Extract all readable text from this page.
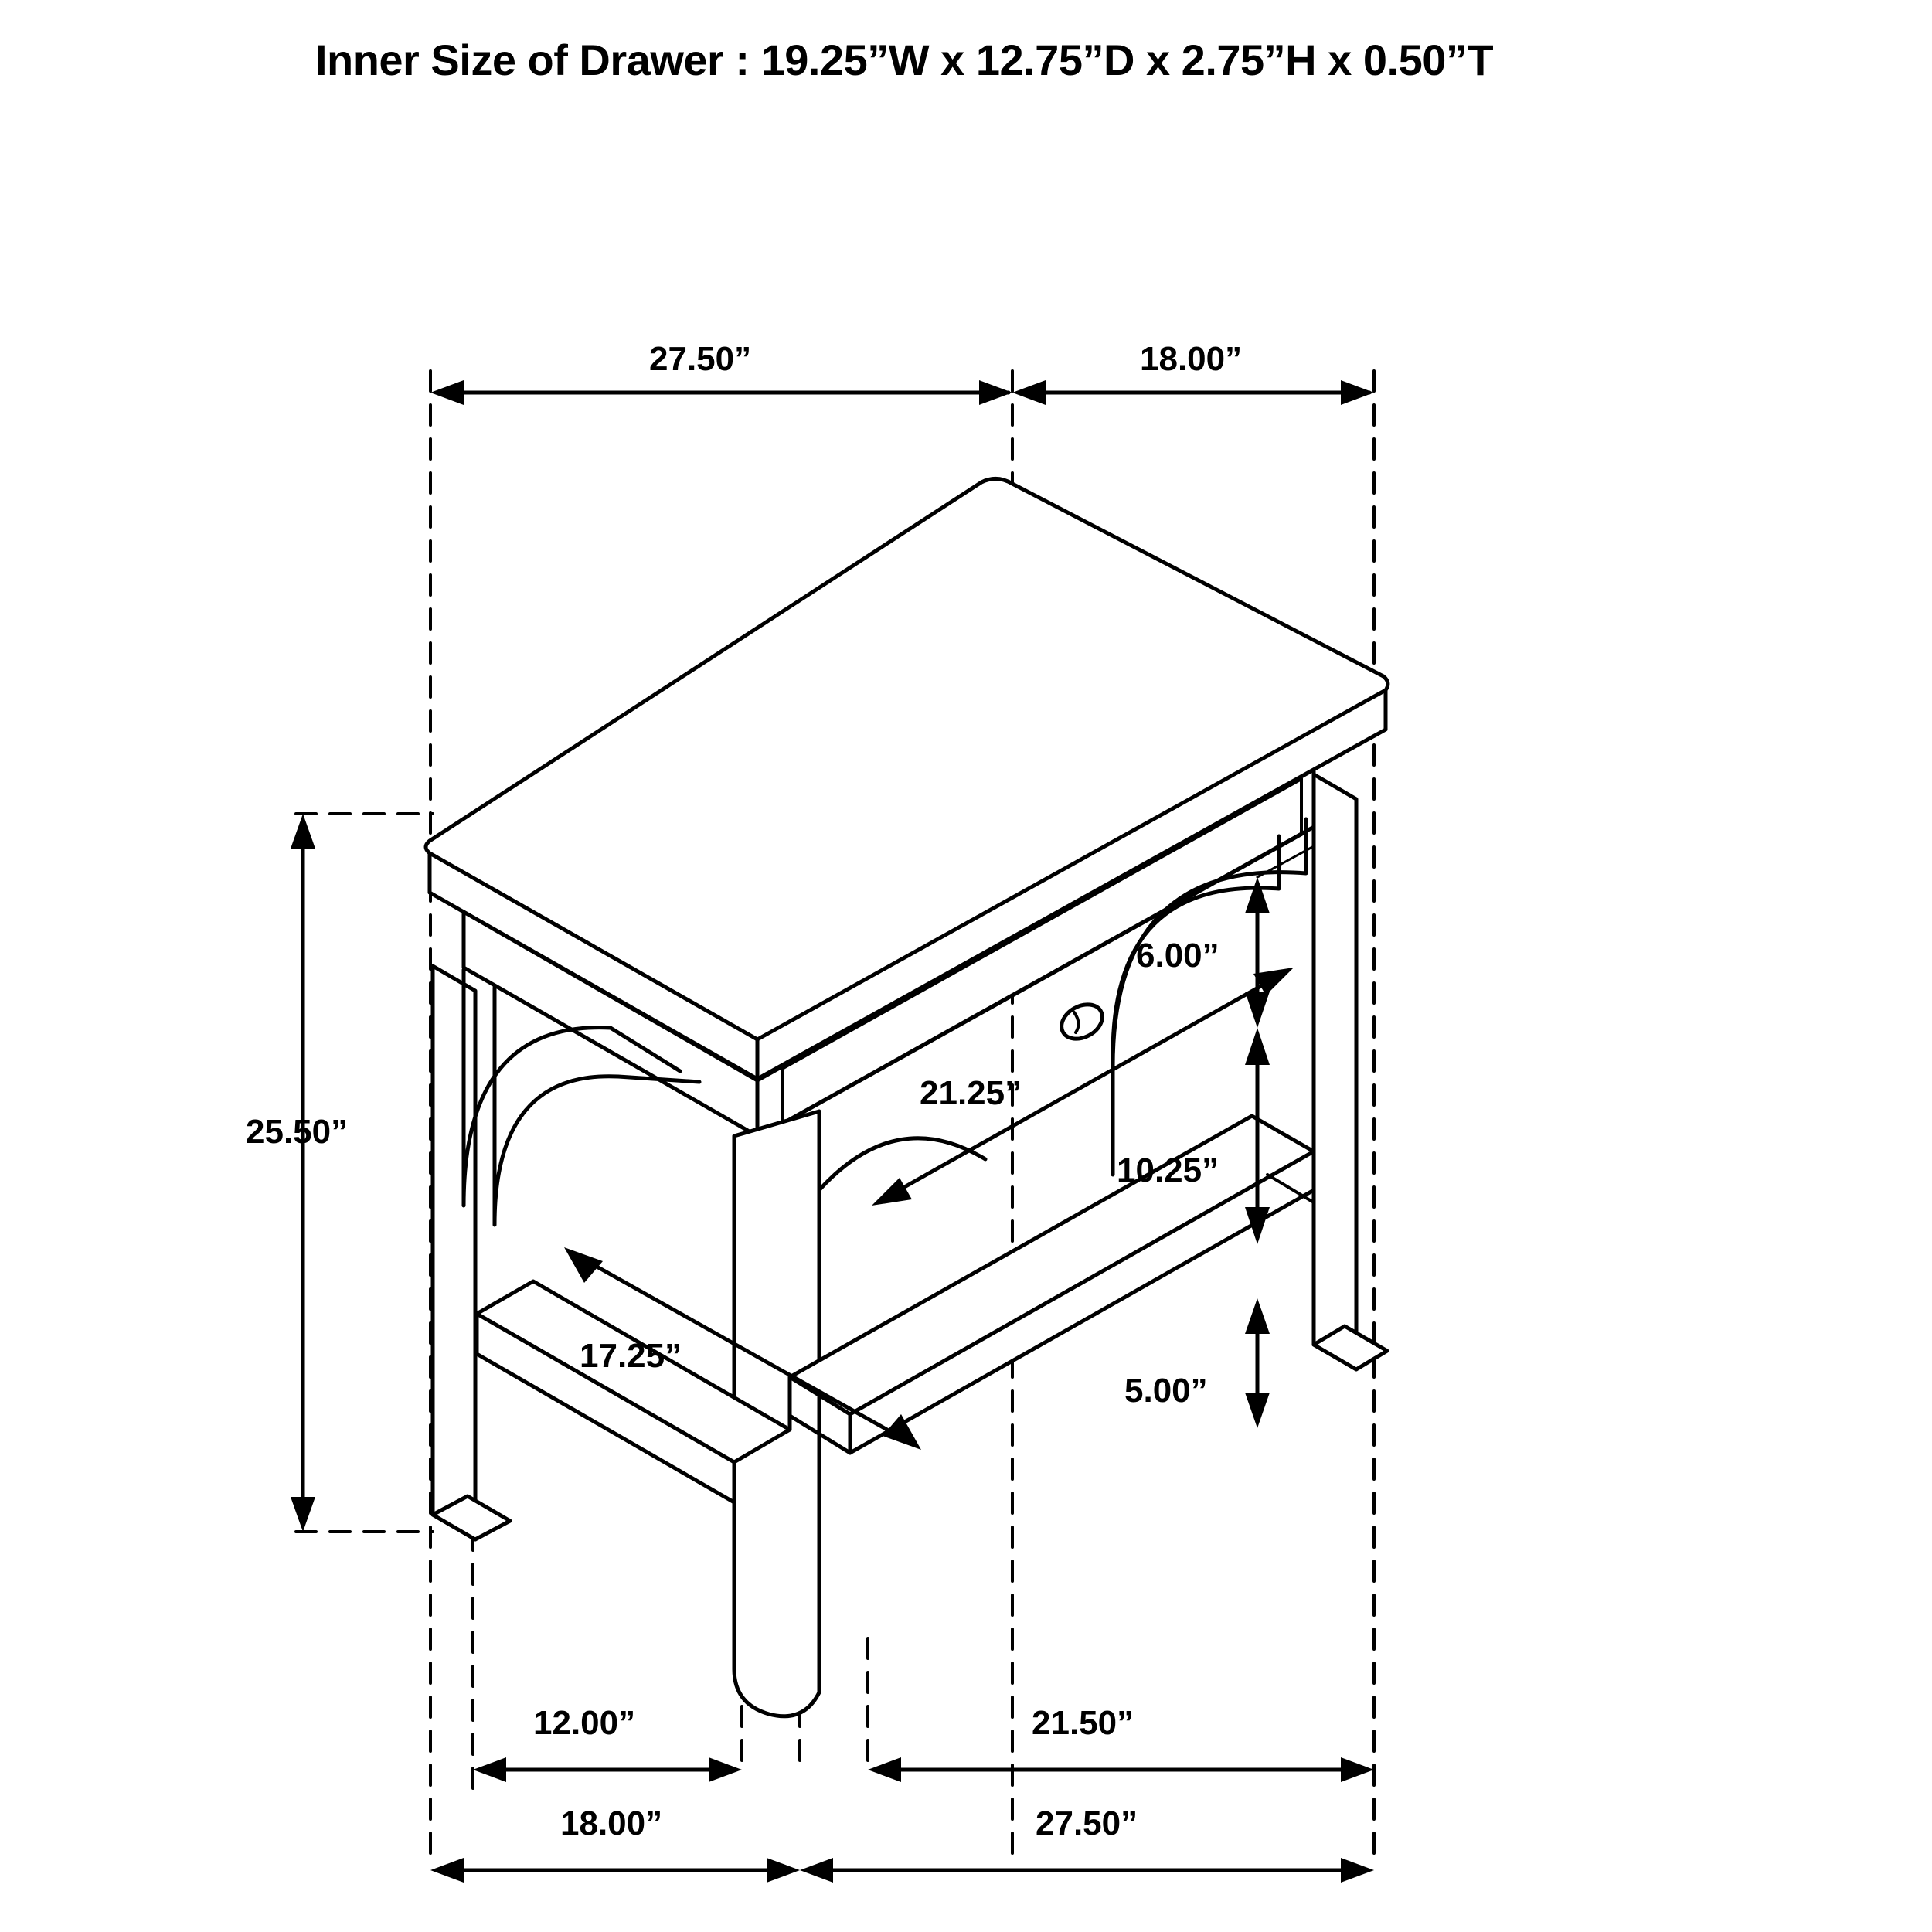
Inner Size of Drawer : 19.25”W x 12.75”D x 2.75”H x 0.50”T
27.50”	18.00”
25.50”
6.00”
21.25”
10.25”
17.25”
5.00”
12.00”	21.50”
18.00”	27.50”
